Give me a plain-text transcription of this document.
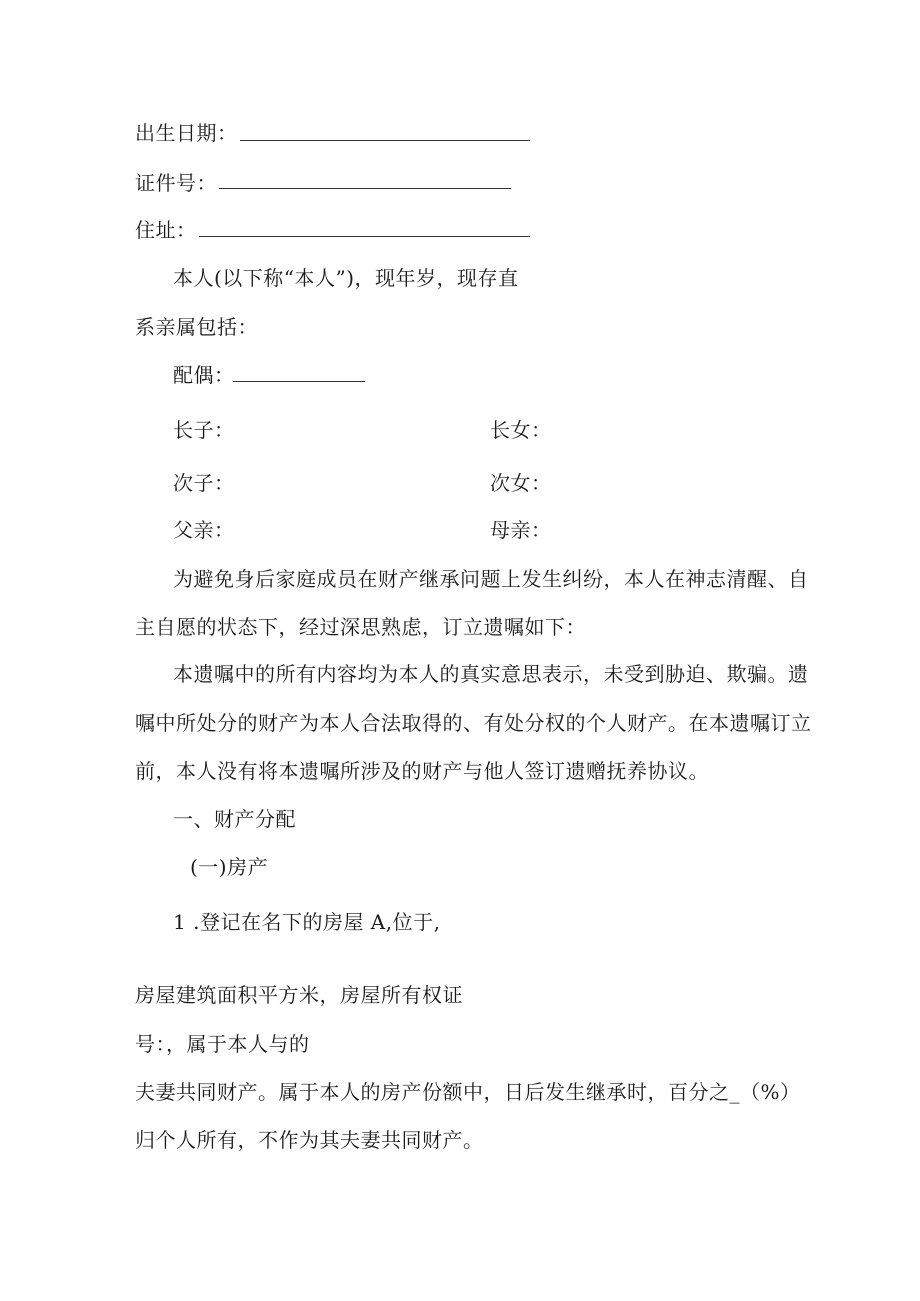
出生日期：
证件号：
住址：
本人(以下称“本人”)，现年岁，现存直
系亲属包括：
配偶：
长子：	长女：
次子：	次女：
父亲：	母亲：
为避免身后家庭成员在财产继承问题上发生纠纷，本人在神志清醒、自
主自愿的状态下，经过深思熟虑，订立遗嘱如下：
本遗嘱中的所有内容均为本人的真实意思表示，未受到胁迫、欺骗。遗
嘱中所处分的财产为本人合法取得的、有处分权的个人财产。在本遗嘱订立
前，本人没有将本遗嘱所涉及的财产与他人签订遗赠抚养协议。
一、财产分配
(一)房产
1 .登记在名下的房屋 A,位于,
房屋建筑面积平方米，房屋所有权证
号：，属于本人与的
夫妻共同财产。属于本人的房产份额中，日后发生继承时，百分之_（%）
归个人所有，不作为其夫妻共同财产。
